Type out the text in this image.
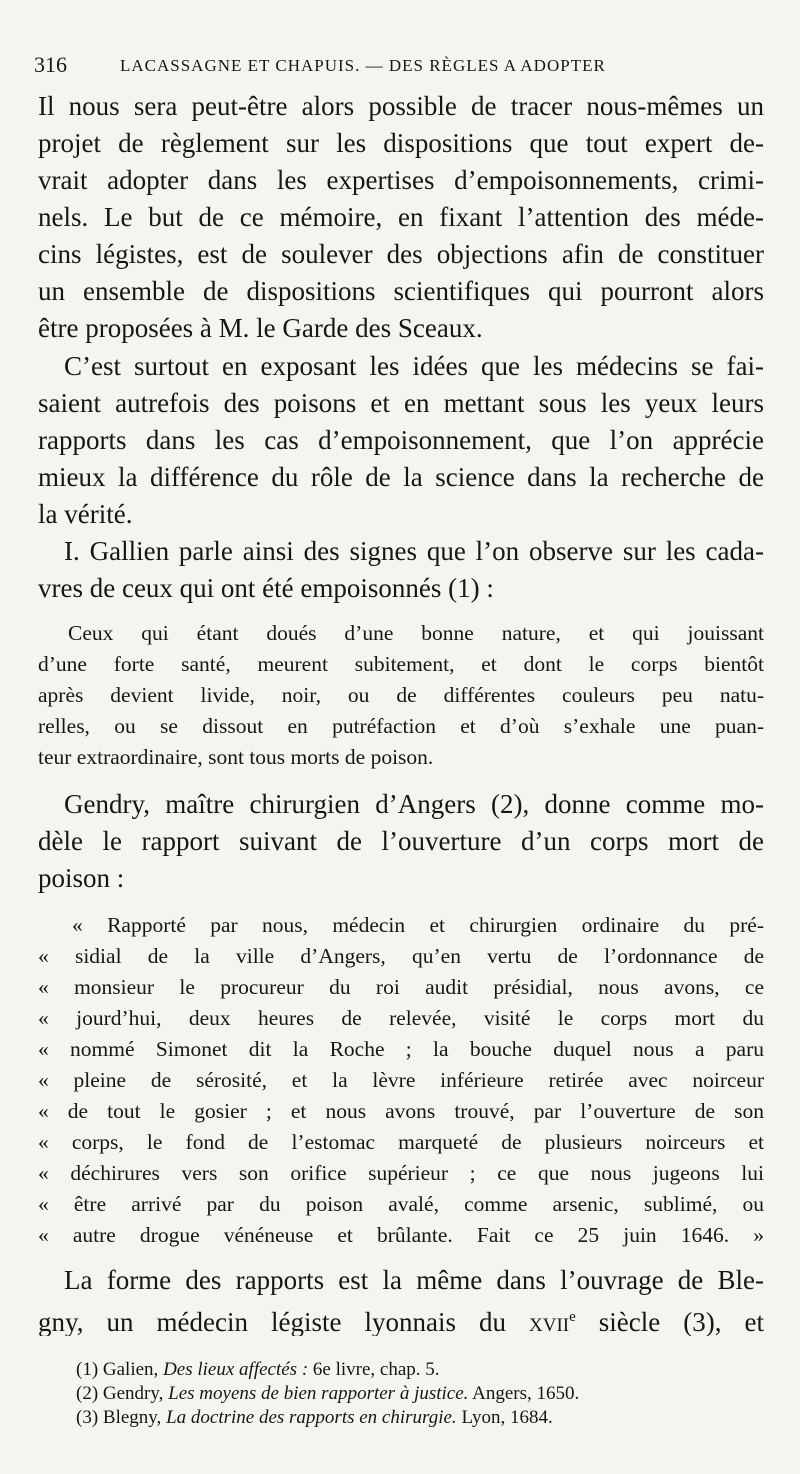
316	LACASSAGNE ET CHAPUIS. — DES RÈGLES A ADOPTER
Il nous sera peut-être alors possible de tracer nous-mêmes un
projet de règlement sur les dispositions que tout expert de-
vrait adopter dans les expertises d’empoisonnements, crimi-
nels. Le but de ce mémoire, en fixant l’attention des méde-
cins légistes, est de soulever des objections afin de constituer
un ensemble de dispositions scientifiques qui pourront alors
être proposées à M. le Garde des Sceaux.
C’est surtout en exposant les idées que les médecins se fai-
saient autrefois des poisons et en mettant sous les yeux leurs
rapports dans les cas d’empoisonnement, que l’on apprécie
mieux la différence du rôle de la science dans la recherche de
la vérité.
I. Gallien parle ainsi des signes que l’on observe sur les cada-
vres de ceux qui ont été empoisonnés (1) :
Ceux qui étant doués d’une bonne nature, et qui jouissant
d’une forte santé, meurent subitement, et dont le corps bientôt
après devient livide, noir, ou de différentes couleurs peu natu-
relles, ou se dissout en putréfaction et d’où s’exhale une puan-
teur extraordinaire, sont tous morts de poison.
Gendry, maître chirurgien d’Angers (2), donne comme mo-
dèle le rapport suivant de l’ouverture d’un corps mort de
poison :
« Rapporté par nous, médecin et chirurgien ordinaire du pré-
« sidial de la ville d’Angers, qu’en vertu de l’ordonnance de
« monsieur le procureur du roi audit présidial, nous avons, ce
« jourd’hui, deux heures de relevée, visité le corps mort du
« nommé Simonet dit la Roche ; la bouche duquel nous a paru
« pleine de sérosité, et la lèvre inférieure retirée avec noirceur
« de tout le gosier ; et nous avons trouvé, par l’ouverture de son
« corps, le fond de l’estomac marqueté de plusieurs noirceurs et
« déchirures vers son orifice supérieur ; ce que nous jugeons lui
« être arrivé par du poison avalé, comme arsenic, sublimé, ou
« autre drogue vénéneuse et brûlante. Fait ce 25 juin 1646. »
La forme des rapports est la même dans l’ouvrage de Ble-
gny, un médecin légiste lyonnais du xvii$^e$ siècle (3), et
(1) Galien, Des lieux affectés : 6e livre, chap. 5.
(2) Gendry, Les moyens de bien rapporter à justice. Angers, 1650.
(3) Blegny, La doctrine des rapports en chirurgie. Lyon, 1684.
